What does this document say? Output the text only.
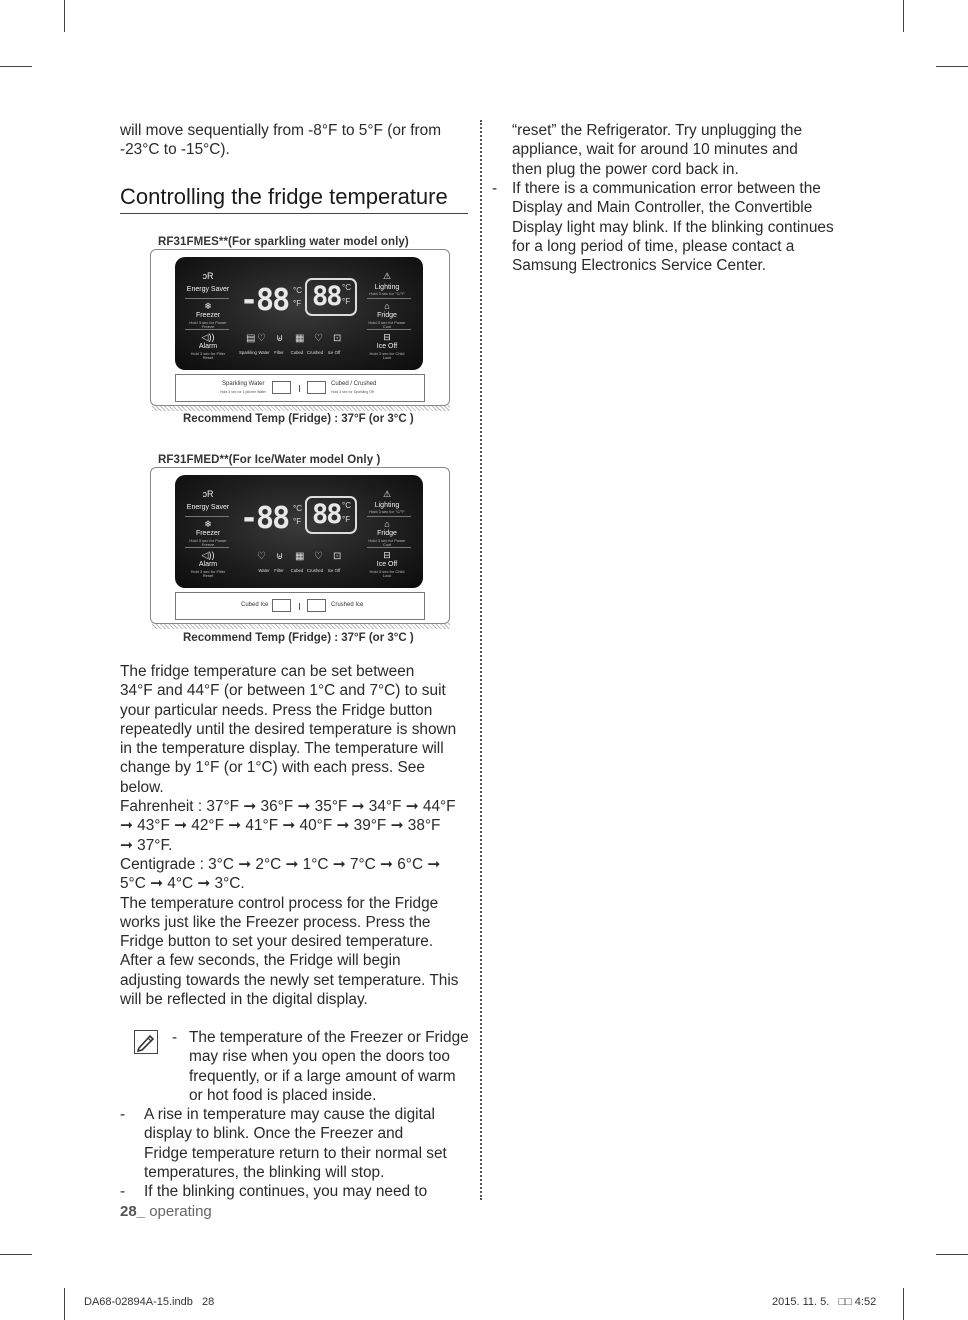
will move sequentially from -8°F to 5°F (or from
-23°C to -15°C).
Controlling the fridge temperature
RF31FMES**(For sparkling water model only)
ↄR
Energy Saver
❄
Freezer
Hold 3 sec for Power Freeze
◁))
Alarm
Hold 3 sec for Filter Reset
-88 °C
°F 88 °C
°F
⚠
Lighting
Hold 3 sec for °C/°F
⌂
Fridge
Hold 3 sec for Power Cool
⊟
Ice Off
Hold 3 sec for Child Lock
▤ ♡ ⊎ ▦ ♡ ⊡
Sparkling Water	Filter	Cubed Crushed	Ice Off
Sparkling Water
Hold 3 sec for 1 pitcher Water
Cubed / Crushed
Hold 3 sec for Sparkling Off
Recommend Temp (Fridge) : 37°F (or 3°C )
RF31FMED**(For Ice/Water model Only )
ↄR
Energy Saver
❄
Freezer
Hold 3 sec for Power Freeze
◁))
Alarm
Hold 3 sec for Filter Reset
-88 °C
°F 88 °C
°F
⚠
Lighting
Hold 3 sec for °C/°F
⌂
Fridge
Hold 3 sec for Power Cool
⊟
Ice Off
Hold 3 sec for Child Lock
♡ ⊎ ▦ ♡ ⊡
Water	Filter	Cubed Crushed	Ice Off
Cubed Ice	Crushed Ice
Recommend Temp (Fridge) : 37°F (or 3°C )
The fridge temperature can be set between
34°F and 44°F (or between 1°C and 7°C) to suit
your particular needs. Press the Fridge button
repeatedly until the desired temperature is shown
in the temperature display. The temperature will
change by 1°F (or 1°C) with each press. See
below.
Fahrenheit : 37°F ➞ 36°F ➞ 35°F ➞ 34°F ➞ 44°F
➞ 43°F ➞ 42°F ➞ 41°F ➞ 40°F ➞ 39°F ➞ 38°F
➞ 37°F.
Centigrade : 3°C ➞ 2°C ➞ 1°C ➞ 7°C ➞ 6°C ➞
5°C ➞ 4°C ➞ 3°C.
The temperature control process for the Fridge
works just like the Freezer process. Press the
Fridge button to set your desired temperature.
After a few seconds, the Fridge will begin
adjusting towards the newly set temperature. This
will be reflected in the digital display.
- The temperature of the Freezer or Fridge
may rise when you open the doors too
frequently, or if a large amount of warm
or hot food is placed inside.
- A rise in temperature may cause the digital
display to blink. Once the Freezer and
Fridge temperature return to their normal set
temperatures, the blinking will stop.
- If the blinking continues, you may need to
28_ operating
“reset” the Refrigerator. Try unplugging the
appliance, wait for around 10 minutes and
then plug the power cord back in.
- If there is a communication error between the
Display and Main Controller, the Convertible
Display light may blink. If the blinking continues
for a long period of time, please contact a
Samsung Electronics Service Center.
DA68-02894A-15.indb   28	2015. 11. 5.   □□ 4:52
